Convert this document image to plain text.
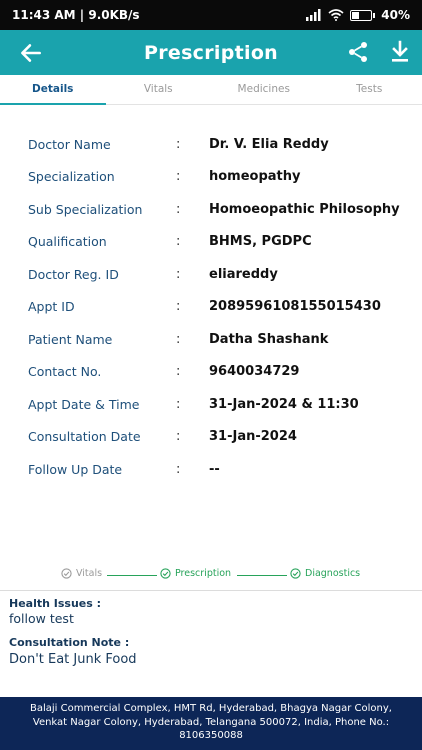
11:43 AM | 9.0KB/s	40%
Prescription
Details	Vitals	Medicines	Tests
Doctor Name	: Dr. V. Elia Reddy
Specialization	: homeopathy
Sub Specialization	: Homoeopathic Philosophy
Qualification	: BHMS, PGDPC
Doctor Reg. ID	: eliareddy
Appt ID	: 2089596108155015430
Patient Name	: Datha Shashank
Contact No.	: 9640034729
Appt Date & Time	: 31-Jan-2024 & 11:30
Consultation Date	: 31-Jan-2024
Follow Up Date	: --
Vitals	Prescription	Diagnostics
Health Issues :
follow test
Consultation Note :
Don't Eat Junk Food
Balaji Commercial Complex, HMT Rd, Hyderabad, Bhagya Nagar Colony,
Venkat Nagar Colony, Hyderabad, Telangana 500072, India, Phone No.:
8106350088
